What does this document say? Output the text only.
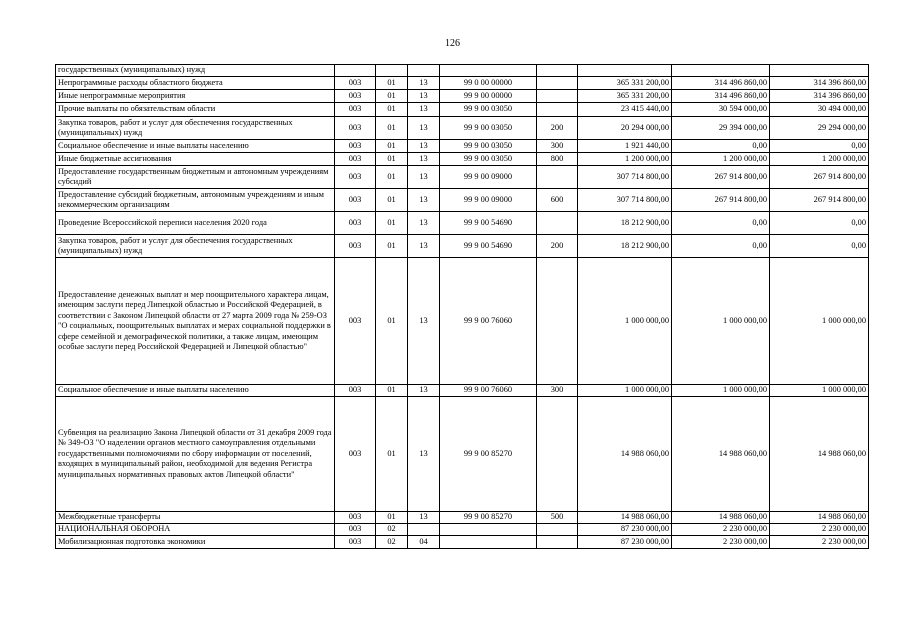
126
государственных (муниципальных) нужд								
Непрограммные расходы областного бюджета	003	01	13	99 0 00 00000		365 331 200,00	314 496 860,00	314 396 860,00
Иные непрограммные мероприятия	003	01	13	99 9 00 00000		365 331 200,00	314 496 860,00	314 396 860,00
Прочие выплаты по обязательствам области	003	01	13	99 9 00 03050		23 415 440,00	30 594 000,00	30 494 000,00
Закупка товаров, работ и услуг для обеспечения государственных (муниципальных) нужд	003	01	13	99 9 00 03050	200	20 294 000,00	29 394 000,00	29 294 000,00
Социальное обеспечение и иные выплаты населению	003	01	13	99 9 00 03050	300	1 921 440,00	0,00	0,00
Иные бюджетные ассигнования	003	01	13	99 9 00 03050	800	1 200 000,00	1 200 000,00	1 200 000,00
Предоставление государственным бюджетным и автономным учреждениям субсидий	003	01	13	99 9 00 09000		307 714 800,00	267 914 800,00	267 914 800,00
Предоставление субсидий бюджетным, автономным учреждениям и иным некоммерческим организациям	003	01	13	99 9 00 09000	600	307 714 800,00	267 914 800,00	267 914 800,00
Проведение Всероссийской переписи населения 2020 года	003	01	13	99 9 00 54690		18 212 900,00	0,00	0,00
Закупка товаров, работ и услуг для обеспечения государственных (муниципальных) нужд	003	01	13	99 9 00 54690	200	18 212 900,00	0,00	0,00
Предоставление денежных выплат и мер поощрительного характера лицам, имеющим заслуги перед Липецкой областью и Российской Федерацией, в соответствии с Законом Липецкой области от 27 марта 2009 года № 259-ОЗ "О социальных, поощрительных выплатах и мерах социальной поддержки в сфере семейной и демографической политики, а также лицам, имеющим особые заслуги перед Российской Федерацией и Липецкой областью"	003	01	13	99 9 00 76060		1 000 000,00	1 000 000,00	1 000 000,00
Социальное обеспечение и иные выплаты населению	003	01	13	99 9 00 76060	300	1 000 000,00	1 000 000,00	1 000 000,00
Субвенция на реализацию Закона Липецкой области от 31 декабря 2009 года № 349-ОЗ "О наделении органов местного самоуправления отдельными государственными полномочиями по сбору информации от поселений, входящих в муниципальный район, необходимой для ведения Регистра муниципальных нормативных правовых актов Липецкой области"	003	01	13	99 9 00 85270		14 988 060,00	14 988 060,00	14 988 060,00
Межбюджетные трансферты	003	01	13	99 9 00 85270	500	14 988 060,00	14 988 060,00	14 988 060,00
НАЦИОНАЛЬНАЯ ОБОРОНА	003	02				87 230 000,00	2 230 000,00	2 230 000,00
Мобилизационная подготовка экономики	003	02	04			87 230 000,00	2 230 000,00	2 230 000,00
